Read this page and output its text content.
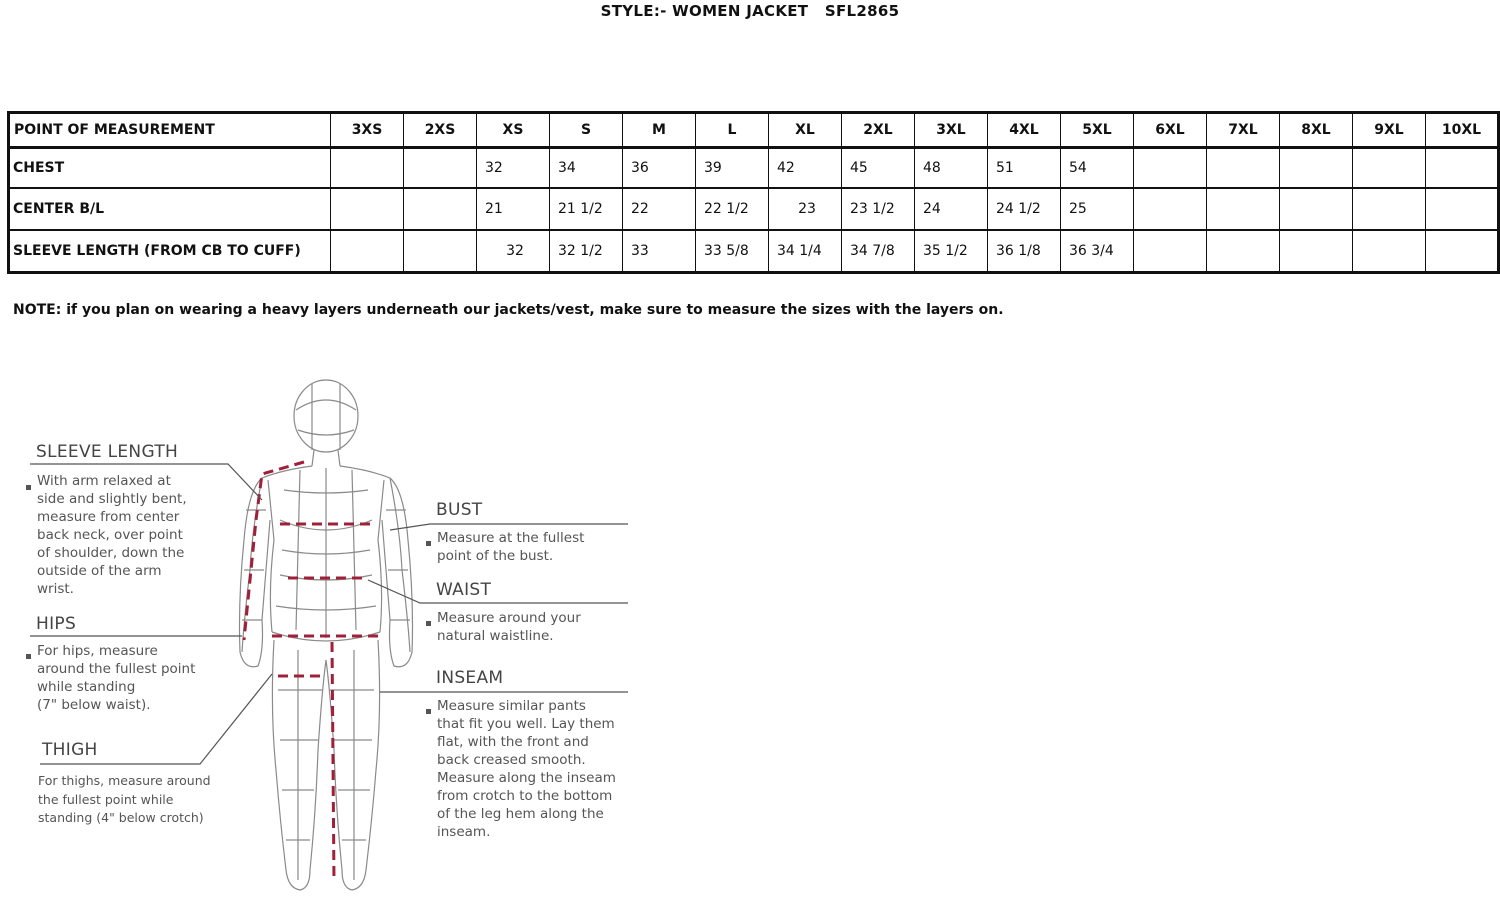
STYLE:- WOMEN JACKET SFL2865
POINT OF MEASUREMENT	3XS	2XS	XS	S	M	L	XL	2XL	3XL	4XL	5XL	6XL	7XL	8XL	9XL	10XL
CHEST			32	34	36	39	42	45	48	51	54					
CENTER B/L			21	21 1/2	22	22 1/2	23	23 1/2	24	24 1/2	25					
SLEEVE LENGTH (FROM CB TO CUFF)			32	32 1/2	33	33 5/8	34 1/4	34 7/8	35 1/2	36 1/8	36 3/4					
NOTE: if you plan on wearing a heavy layers underneath our jackets/vest, make sure to measure the sizes with the layers on.
SLEEVE LENGTH
With arm relaxed at
side and slightly bent,
measure from center
back neck, over point
of shoulder, down the
outside of the arm
wrist.
HIPS
For hips, measure
around the fullest point
while standing
(7" below waist).
THIGH
For thighs, measure around
the fullest point while
standing (4" below crotch)
BUST
Measure at the fullest
point of the bust.
WAIST
Measure around your
natural waistline.
INSEAM
Measure similar pants
that fit you well. Lay them
flat, with the front and
back creased smooth.
Measure along the inseam
from crotch to the bottom
of the leg hem along the
inseam.
